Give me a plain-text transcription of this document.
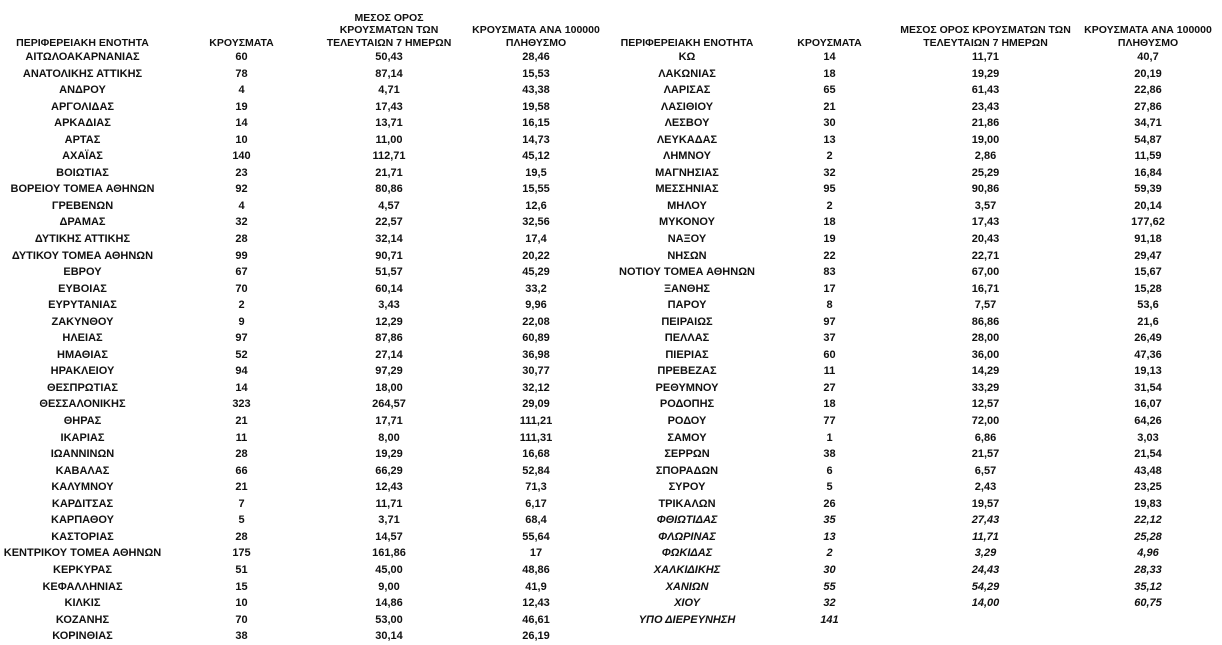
ΠΕΡΙΦΕΡΕΙΑΚΗ ΕΝΟΤΗΤΑ	ΚΡΟΥΣΜΑΤΑ	ΜΕΣΟΣ ΟΡΟΣ ΚΡΟΥΣΜΑΤΩΝ ΤΩΝ ΤΕΛΕΥΤΑΙΩΝ 7 ΗΜΕΡΩΝ	ΚΡΟΥΣΜΑΤΑ ΑΝΑ 100000 ΠΛΗΘΥΣΜΟ
ΑΙΤΩΛΟΑΚΑΡΝΑΝΙΑΣ	60	50,43	28,46
ΑΝΑΤΟΛΙΚΗΣ ΑΤΤΙΚΗΣ	78	87,14	15,53
ΑΝΔΡΟΥ	4	4,71	43,38
ΑΡΓΟΛΙΔΑΣ	19	17,43	19,58
ΑΡΚΑΔΙΑΣ	14	13,71	16,15
ΑΡΤΑΣ	10	11,00	14,73
ΑΧΑΪΑΣ	140	112,71	45,12
ΒΟΙΩΤΙΑΣ	23	21,71	19,5
ΒΟΡΕΙΟΥ ΤΟΜΕΑ ΑΘΗΝΩΝ	92	80,86	15,55
ΓΡΕΒΕΝΩΝ	4	4,57	12,6
ΔΡΑΜΑΣ	32	22,57	32,56
ΔΥΤΙΚΗΣ ΑΤΤΙΚΗΣ	28	32,14	17,4
ΔΥΤΙΚΟΥ ΤΟΜΕΑ ΑΘΗΝΩΝ	99	90,71	20,22
ΕΒΡΟΥ	67	51,57	45,29
ΕΥΒΟΙΑΣ	70	60,14	33,2
ΕΥΡΥΤΑΝΙΑΣ	2	3,43	9,96
ΖΑΚΥΝΘΟΥ	9	12,29	22,08
ΗΛΕΙΑΣ	97	87,86	60,89
ΗΜΑΘΙΑΣ	52	27,14	36,98
ΗΡΑΚΛΕΙΟΥ	94	97,29	30,77
ΘΕΣΠΡΩΤΙΑΣ	14	18,00	32,12
ΘΕΣΣΑΛΟΝΙΚΗΣ	323	264,57	29,09
ΘΗΡΑΣ	21	17,71	111,21
ΙΚΑΡΙΑΣ	11	8,00	111,31
ΙΩΑΝΝΙΝΩΝ	28	19,29	16,68
ΚΑΒΑΛΑΣ	66	66,29	52,84
ΚΑΛΥΜΝΟΥ	21	12,43	71,3
ΚΑΡΔΙΤΣΑΣ	7	11,71	6,17
ΚΑΡΠΑΘΟΥ	5	3,71	68,4
ΚΑΣΤΟΡΙΑΣ	28	14,57	55,64
ΚΕΝΤΡΙΚΟΥ ΤΟΜΕΑ ΑΘΗΝΩΝ	175	161,86	17
ΚΕΡΚΥΡΑΣ	51	45,00	48,86
ΚΕΦΑΛΛΗΝΙΑΣ	15	9,00	41,9
ΚΙΛΚΙΣ	10	14,86	12,43
ΚΟΖΑΝΗΣ	70	53,00	46,61
ΚΟΡΙΝΘΙΑΣ	38	30,14	26,19
ΠΕΡΙΦΕΡΕΙΑΚΗ ΕΝΟΤΗΤΑ	ΚΡΟΥΣΜΑΤΑ	ΜΕΣΟΣ ΟΡΟΣ ΚΡΟΥΣΜΑΤΩΝ ΤΩΝ ΤΕΛΕΥΤΑΙΩΝ 7 ΗΜΕΡΩΝ	ΚΡΟΥΣΜΑΤΑ ΑΝΑ 100000 ΠΛΗΘΥΣΜΟ
ΚΩ	14	11,71	40,7
ΛΑΚΩΝΙΑΣ	18	19,29	20,19
ΛΑΡΙΣΑΣ	65	61,43	22,86
ΛΑΣΙΘΙΟΥ	21	23,43	27,86
ΛΕΣΒΟΥ	30	21,86	34,71
ΛΕΥΚΑΔΑΣ	13	19,00	54,87
ΛΗΜΝΟΥ	2	2,86	11,59
ΜΑΓΝΗΣΙΑΣ	32	25,29	16,84
ΜΕΣΣΗΝΙΑΣ	95	90,86	59,39
ΜΗΛΟΥ	2	3,57	20,14
ΜΥΚΟΝΟΥ	18	17,43	177,62
ΝΑΞΟΥ	19	20,43	91,18
ΝΗΣΩΝ	22	22,71	29,47
ΝΟΤΙΟΥ ΤΟΜΕΑ ΑΘΗΝΩΝ	83	67,00	15,67
ΞΑΝΘΗΣ	17	16,71	15,28
ΠΑΡΟΥ	8	7,57	53,6
ΠΕΙΡΑΙΩΣ	97	86,86	21,6
ΠΕΛΛΑΣ	37	28,00	26,49
ΠΙΕΡΙΑΣ	60	36,00	47,36
ΠΡΕΒΕΖΑΣ	11	14,29	19,13
ΡΕΘΥΜΝΟΥ	27	33,29	31,54
ΡΟΔΟΠΗΣ	18	12,57	16,07
ΡΟΔΟΥ	77	72,00	64,26
ΣΑΜΟΥ	1	6,86	3,03
ΣΕΡΡΩΝ	38	21,57	21,54
ΣΠΟΡΑΔΩΝ	6	6,57	43,48
ΣΥΡΟΥ	5	2,43	23,25
ΤΡΙΚΑΛΩΝ	26	19,57	19,83
ΦΘΙΩΤΙΔΑΣ	35	27,43	22,12
ΦΛΩΡΙΝΑΣ	13	11,71	25,28
ΦΩΚΙΔΑΣ	2	3,29	4,96
ΧΑΛΚΙΔΙΚΗΣ	30	24,43	28,33
ΧΑΝΙΩΝ	55	54,29	35,12
ΧΙΟΥ	32	14,00	60,75
ΥΠΟ ΔΙΕΡΕΥΝΗΣΗ	141		
